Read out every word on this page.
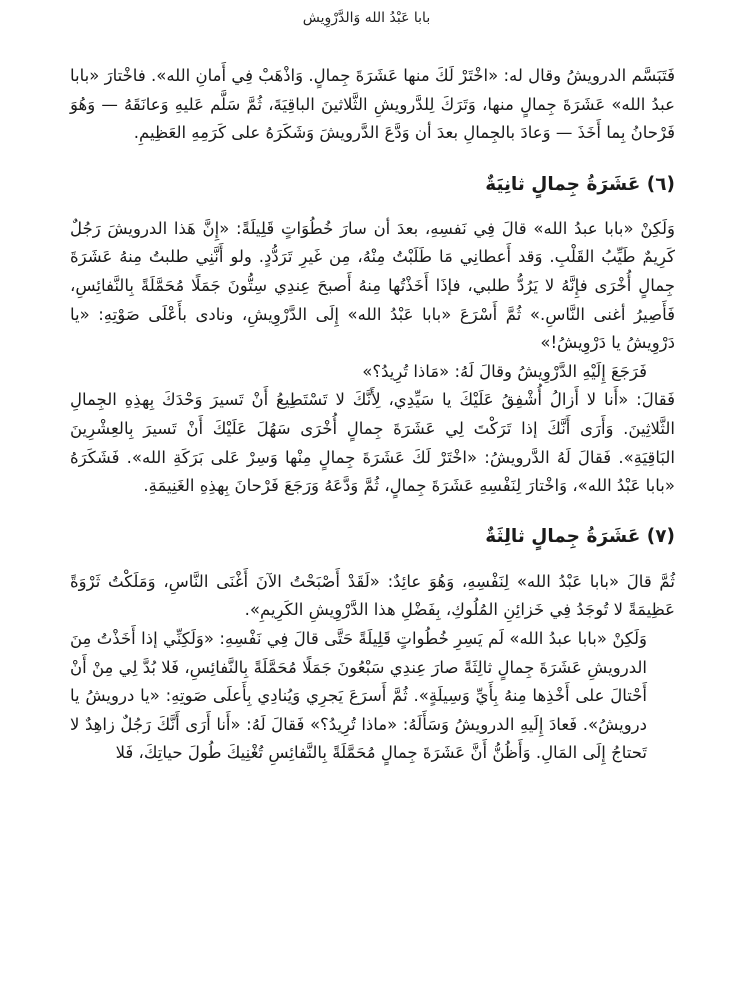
بابا عَبْدُ الله وَالدَّرْوِيش

فَتَبَسَّم الدرويشُ وقال له: «اخْتَرْ لَكَ منها عَشَرَةَ جِمالٍ. وَاذْهَبْ فِي أَمانِ الله». فاخْتارَ «بابا عبدُ الله» عَشَرَةَ جِمالٍ منها، وَتَرَكَ لِلدَّرويشِ الثَّلاثينَ الباقِيَةَ، ثُمَّ سَلَّم عَليهِ وَعانَقَهُ — وَهُوَ فَرْحانُ بِما أَخَذَ — وَعادَ بالجِمالِ بعدَ أن وَدَّعَ الدَّرويشَ وَشَكَرَهُ على كَرَمِهِ العَظِيمِ.

(٦) عَشَرَةُ جِمالٍ ثانِيَةٌ

وَلَكِنْ «بابا عبدُ الله» قالَ فِي نَفسِهِ، بعدَ أن سارَ خُطُوَاتٍ قَلِيلَةً: «إِنَّ هَذا الدرويشَ رَجُلٌ كَرِيمٌ طَيِّبُ القَلْبِ. وَقد أَعطانِي مَا طَلَبْتُ مِنْهُ، مِن غَيرِ تَرَدُّدٍ. ولو أَنَّنِي طلبتُ مِنهُ عَشَرَةَ جِمالٍ أُخْرَى فإِنَّهُ لا يَرُدُّ طلبي، فإذَا أَخَذْتُها مِنهُ أَصبحَ عِندِي سِتُّونَ جَمَلًا مُحَمَّلَةً بِالنَّفائِسِ، فَأَصِيرُ أغنى النَّاسِ.» ثُمَّ أَسْرَعَ «بابا عَبْدُ الله» إِلَى الدَّرْوِيشِ، ونادى بأَعْلَى صَوْتِهِ: «يا دَرْوِيشُ يا دَرْوِيشُ!»

فَرَجَعَ إِلَيْهِ الدَّرْوِيشُ وقالَ لَهُ: «مَاذا تُرِيدُ؟»

فَقالَ: «أَنا لا أَزالُ أُشْفِقُ عَلَيْكَ يا سَيِّدِي، لِأَنَّكَ لا تَسْتَطِيعُ أَنْ تَسيرَ وَحْدَكَ بِهذِهِ الجِمالِ الثَّلاثِينَ. وَأَرَى أَنَّكَ إذا تَرَكْتَ لِي عَشَرَةَ جِمالٍ أُخْرَى سَهُلَ عَلَيْكَ أَنْ تَسيرَ بِالعِشْرِينَ البَاقِيَةِ». فَقالَ لَهُ الدَّرويشُ: «اخْتَرْ لَكَ عَشَرَةَ جِمالٍ مِنْها وَسِرْ عَلى بَرَكَةِ الله». فَشَكَرَهُ «بابا عَبْدُ الله»، وَاخْتارَ لِنَفْسِهِ عَشَرَةَ جِمالٍ، ثُمَّ وَدَّعَهُ وَرَجَعَ فَرْحانَ بِهذِهِ الغَنِيمَةِ.

(٧) عَشَرَةُ جِمالٍ ثالِثَةٌ

ثُمَّ قالَ «بابا عَبْدُ الله» لِنَفْسِهِ، وَهُوَ عائِدٌ: «لَقَدْ أَصْبَحْتُ الآنَ أَغْنَى النَّاسِ، وَمَلَكْتُ ثَرْوَةً عَظِيمَةً لا تُوجَدُ فِي خَزائِنِ المُلُوكِ، بِفَضْلِ هذا الدَّرْوِيشِ الكَرِيمِ».

وَلَكِنْ «بابا عبدُ الله» لَم يَسِرِ خُطُواتٍ قَلِيلَةً حَتَّى قالَ فِي نَفْسِهِ: «وَلَكِنِّي إذا أَخَذْتُ مِنَ الدرويشِ عَشَرَةَ جِمالٍ ثالِثَةً صارَ عِندِي سَبْعُونَ جَمَلًا مُحَمَّلَةً بِالنَّفائِسِ، فَلا بُدَّ لِي مِنْ أَنْ أَحْتالَ على أَخْذِها مِنهُ بِأَيِّ وَسِيلَةٍ». ثُمَّ أَسرَعَ يَجرِي وَيُنادِي بِأَعلَى صَوتِهِ: «يا درويشُ يا درويشُ». فَعادَ إِلَيهِ الدرويشُ وَسَأَلَهُ: «ماذا تُرِيدُ؟» فَقالَ لَهُ: «أَنا أَرَى أَنَّكَ رَجُلٌ زاهِدٌ لا تَحتاجُ إِلَى المَالِ. وَأَظُنُّ أَنَّ عَشَرَةَ جِمالٍ مُحَمَّلَةً بِالنَّفائِسِ تُغْنِيكَ طُولَ حياتِكَ، فَلا
